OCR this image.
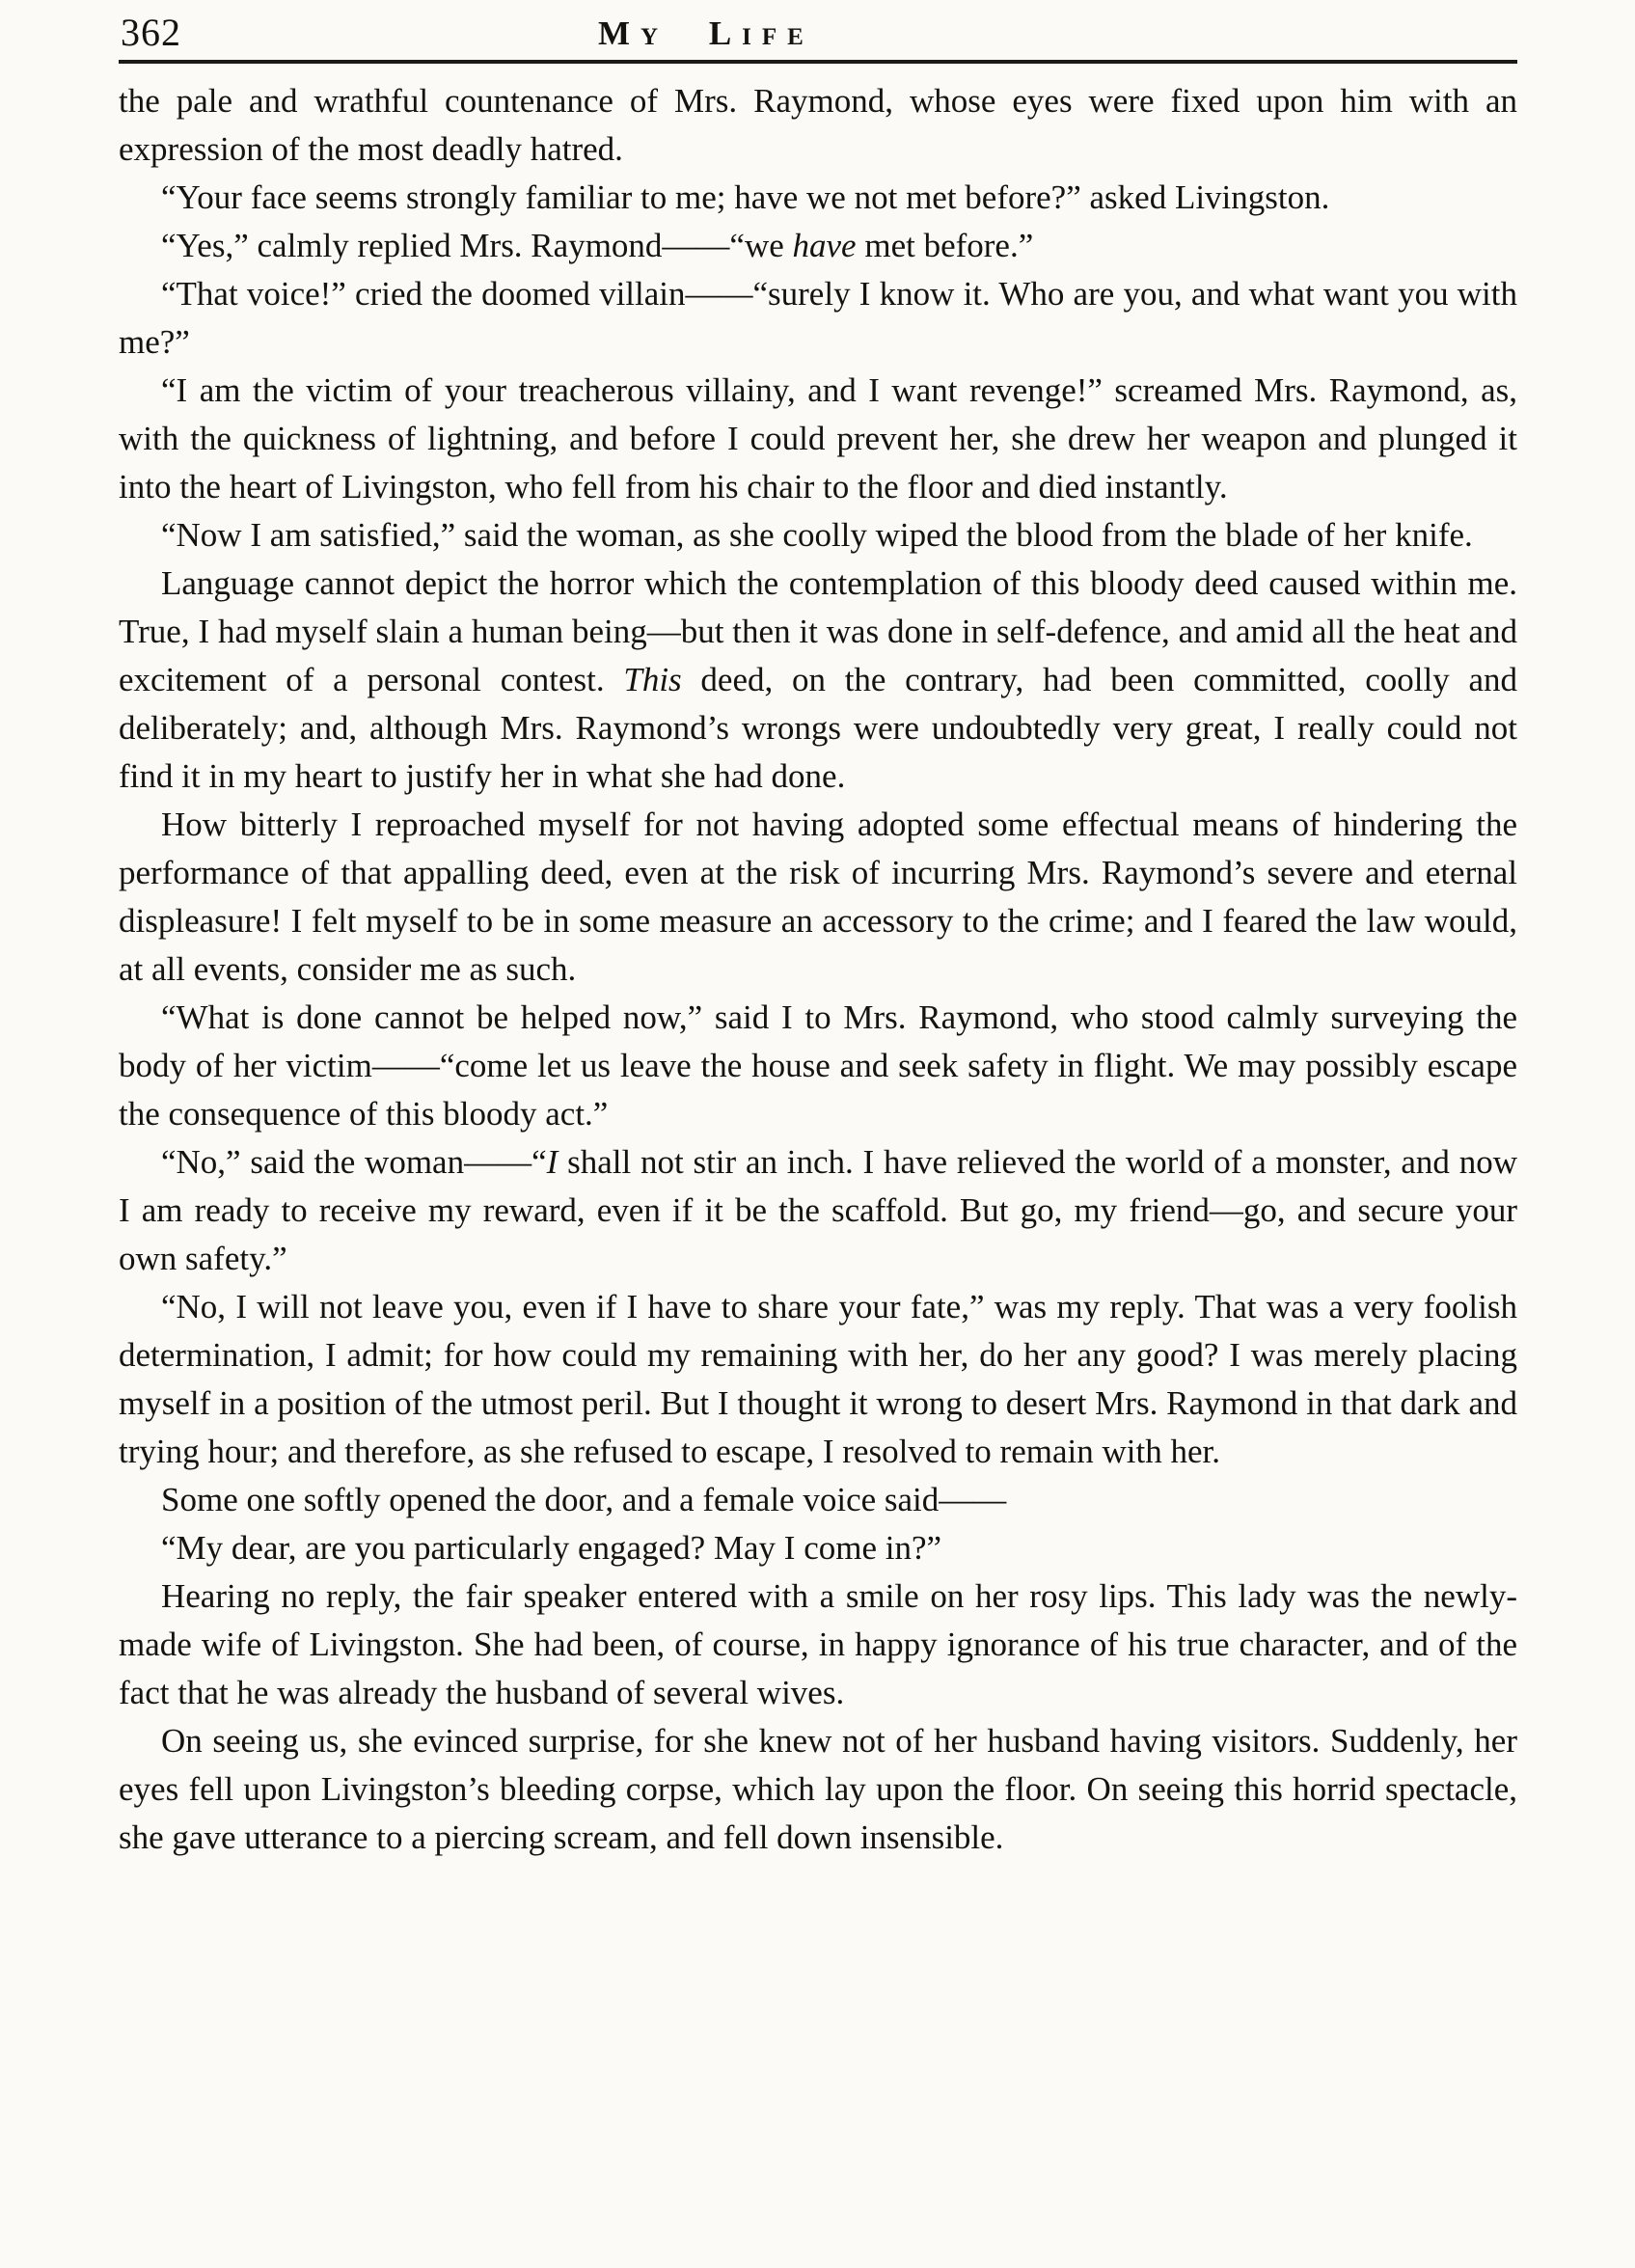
362	My Life

the pale and wrathful countenance of Mrs. Raymond, whose eyes were fixed upon him with an expression of the most deadly hatred.

“Your face seems strongly familiar to me; have we not met before?” asked Livingston.

“Yes,” calmly replied Mrs. Raymond——“we have met before.”

“That voice!” cried the doomed villain——“surely I know it. Who are you, and what want you with me?”

“I am the victim of your treacherous villainy, and I want revenge!” screamed Mrs. Raymond, as, with the quickness of lightning, and before I could prevent her, she drew her weapon and plunged it into the heart of Livingston, who fell from his chair to the floor and died instantly.

“Now I am satisfied,” said the woman, as she coolly wiped the blood from the blade of her knife.

Language cannot depict the horror which the contemplation of this bloody deed caused within me. True, I had myself slain a human being—but then it was done in self-defence, and amid all the heat and excitement of a personal contest. This deed, on the contrary, had been committed, coolly and deliberately; and, although Mrs. Raymond’s wrongs were undoubtedly very great, I really could not find it in my heart to justify her in what she had done.

How bitterly I reproached myself for not having adopted some effectual means of hindering the performance of that appalling deed, even at the risk of incurring Mrs. Raymond’s severe and eternal displeasure! I felt myself to be in some measure an accessory to the crime; and I feared the law would, at all events, consider me as such.

“What is done cannot be helped now,” said I to Mrs. Raymond, who stood calmly surveying the body of her victim——“come let us leave the house and seek safety in flight. We may possibly escape the consequence of this bloody act.”

“No,” said the woman——“I shall not stir an inch. I have relieved the world of a monster, and now I am ready to receive my reward, even if it be the scaffold. But go, my friend—go, and secure your own safety.”

“No, I will not leave you, even if I have to share your fate,” was my reply. That was a very foolish determination, I admit; for how could my remaining with her, do her any good? I was merely placing myself in a position of the utmost peril. But I thought it wrong to desert Mrs. Raymond in that dark and trying hour; and therefore, as she refused to escape, I resolved to remain with her.

Some one softly opened the door, and a female voice said——

“My dear, are you particularly engaged? May I come in?”

Hearing no reply, the fair speaker entered with a smile on her rosy lips. This lady was the newly-made wife of Livingston. She had been, of course, in happy ignorance of his true character, and of the fact that he was already the husband of several wives.

On seeing us, she evinced surprise, for she knew not of her husband having visitors. Suddenly, her eyes fell upon Livingston’s bleeding corpse, which lay upon the floor. On seeing this horrid spectacle, she gave utterance to a piercing scream, and fell down insensible.
